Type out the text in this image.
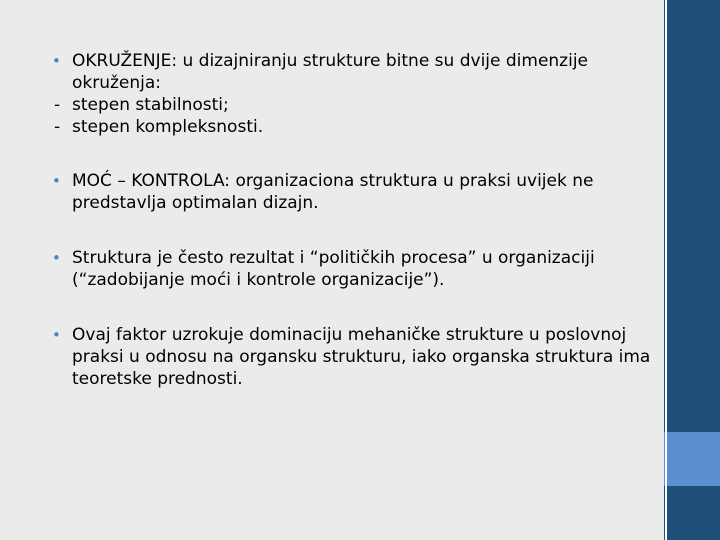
• OKRUŽENJE: u dizajniranju strukture bitne su dvije dimenzije okruženja:

- stepen stabilnosti;

- stepen kompleksnosti.

• MOĆ – KONTROLA: organizaciona struktura u praksi uvijek ne predstavlja optimalan dizajn.

• Struktura je često rezultat i “političkih procesa” u organizaciji (“zadobijanje moći i kontrole organizacije”).

• Ovaj faktor uzrokuje dominaciju mehaničke strukture u poslovnoj praksi u odnosu na organsku strukturu, iako organska struktura ima teoretske prednosti.
